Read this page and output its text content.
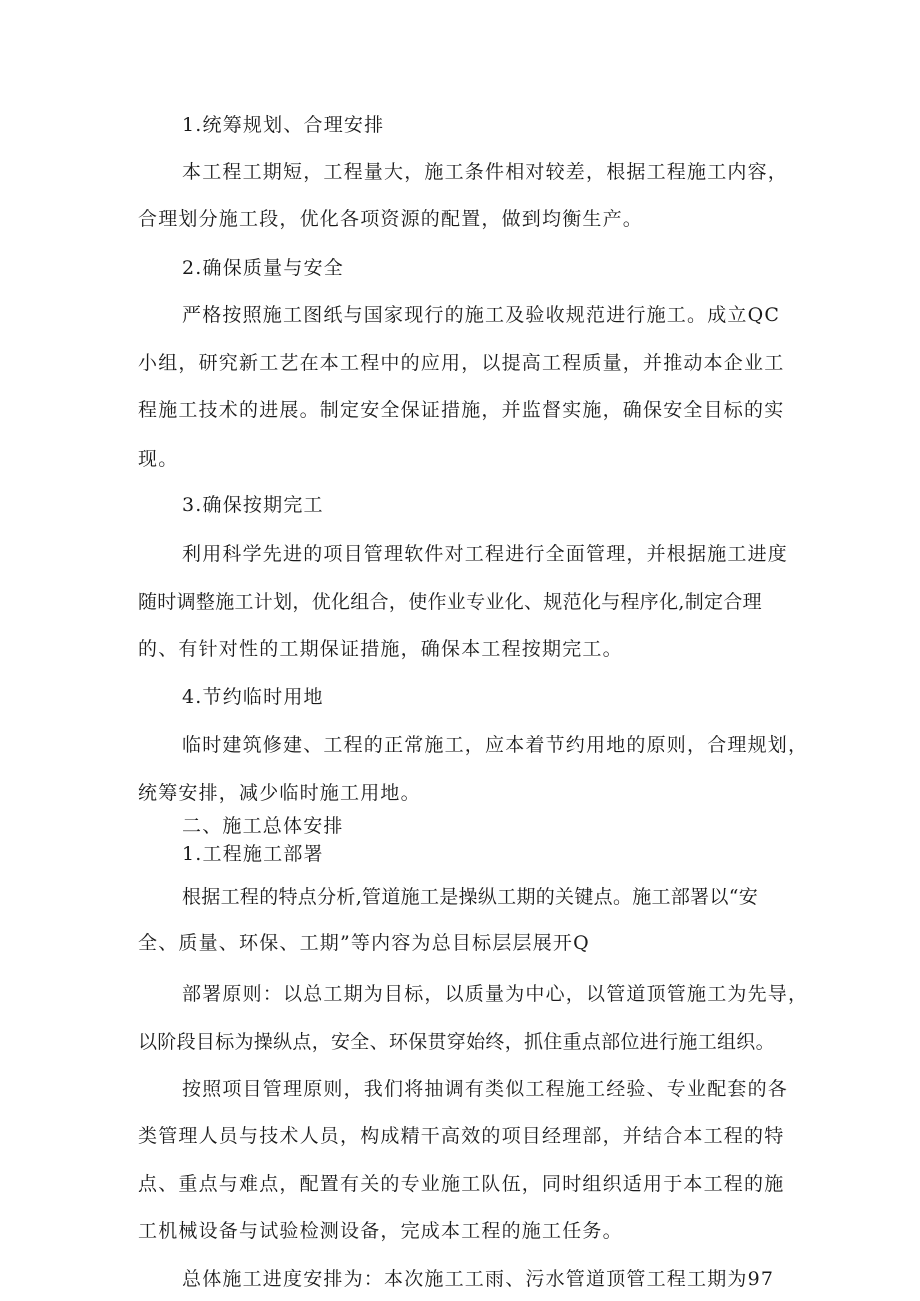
1.统筹规划、合理安排
本工程工期短，工程量大，施工条件相对较差，根据工程施工内容，
合理划分施工段，优化各项资源的配置，做到均衡生产。
2.确保质量与安全
严格按照施工图纸与国家现行的施工及验收规范进行施工。成立QC
小组，研究新工艺在本工程中的应用，以提高工程质量，并推动本企业工
程施工技术的进展。制定安全保证措施，并监督实施，确保安全目标的实
现。
3.确保按期完工
利用科学先进的项目管理软件对工程进行全面管理，并根据施工进度
随时调整施工计划，优化组合，使作业专业化、规范化与程序化,制定合理
的、有针对性的工期保证措施，确保本工程按期完工。
4.节约临时用地
临时建筑修建、工程的正常施工，应本着节约用地的原则，合理规划，
统筹安排，减少临时施工用地。
二、施工总体安排
1.工程施工部署
根据工程的特点分析,管道施工是操纵工期的关键点。施工部署以“安
全、质量、环保、工期”等内容为总目标层层展开Q
部署原则：以总工期为目标，以质量为中心，以管道顶管施工为先导，
以阶段目标为操纵点，安全、环保贯穿始终，抓住重点部位进行施工组织。
按照项目管理原则，我们将抽调有类似工程施工经验、专业配套的各
类管理人员与技术人员，构成精干高效的项目经理部，并结合本工程的特
点、重点与难点，配置有关的专业施工队伍，同时组织适用于本工程的施
工机械设备与试验检测设备，完成本工程的施工任务。
总体施工进度安排为：本次施工工雨、污水管道顶管工程工期为97
